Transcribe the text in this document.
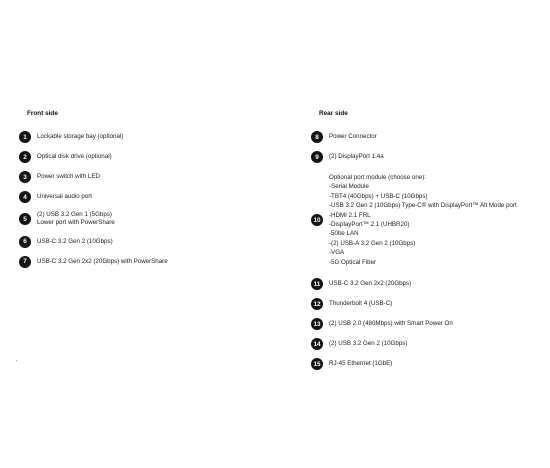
Front side
1	Lockable storage bay (optional)
2	Optical disk drive (optional)
3	Power switch with LED
4	Universal audio port
5
(2) USB 3.2 Gen 1 (5Gbps)
Lower port with PowerShare
6	USB-C 3.2 Gen 2 (10Gbps)
7	USB-C 3.2 Gen 2x2 (20Gbps) with PowerShare
Rear side
8	Power Connector
9	(2) DisplayPort 1.4a
10
Optional port module (choose one):
-Serial Module
-TBT4 (40Gbps) + USB-C (10Gbps)
-USB 3.2 Gen 2 (10Gbps) Type-C® with DisplayPort™ Alt Mode port
-HDMI 2.1 FRL
-DisplayPort™ 2.1 (UHBR20)
-50be LAN
-(2) USB-A 3.2 Gen 2 (10Gbps)
-VGA
-5G Optical Fiber
11	USB-C 3.2 Gen 2x2 (20Gbps)
12	Thunderbolt 4 (USB-C)
13	(2) USB 2.0 (480Mbps) with Smart Power On
14	(2) USB 3.2 Gen 2 (10Gbps)
15	RJ-45 Ethernet (1GbE)
